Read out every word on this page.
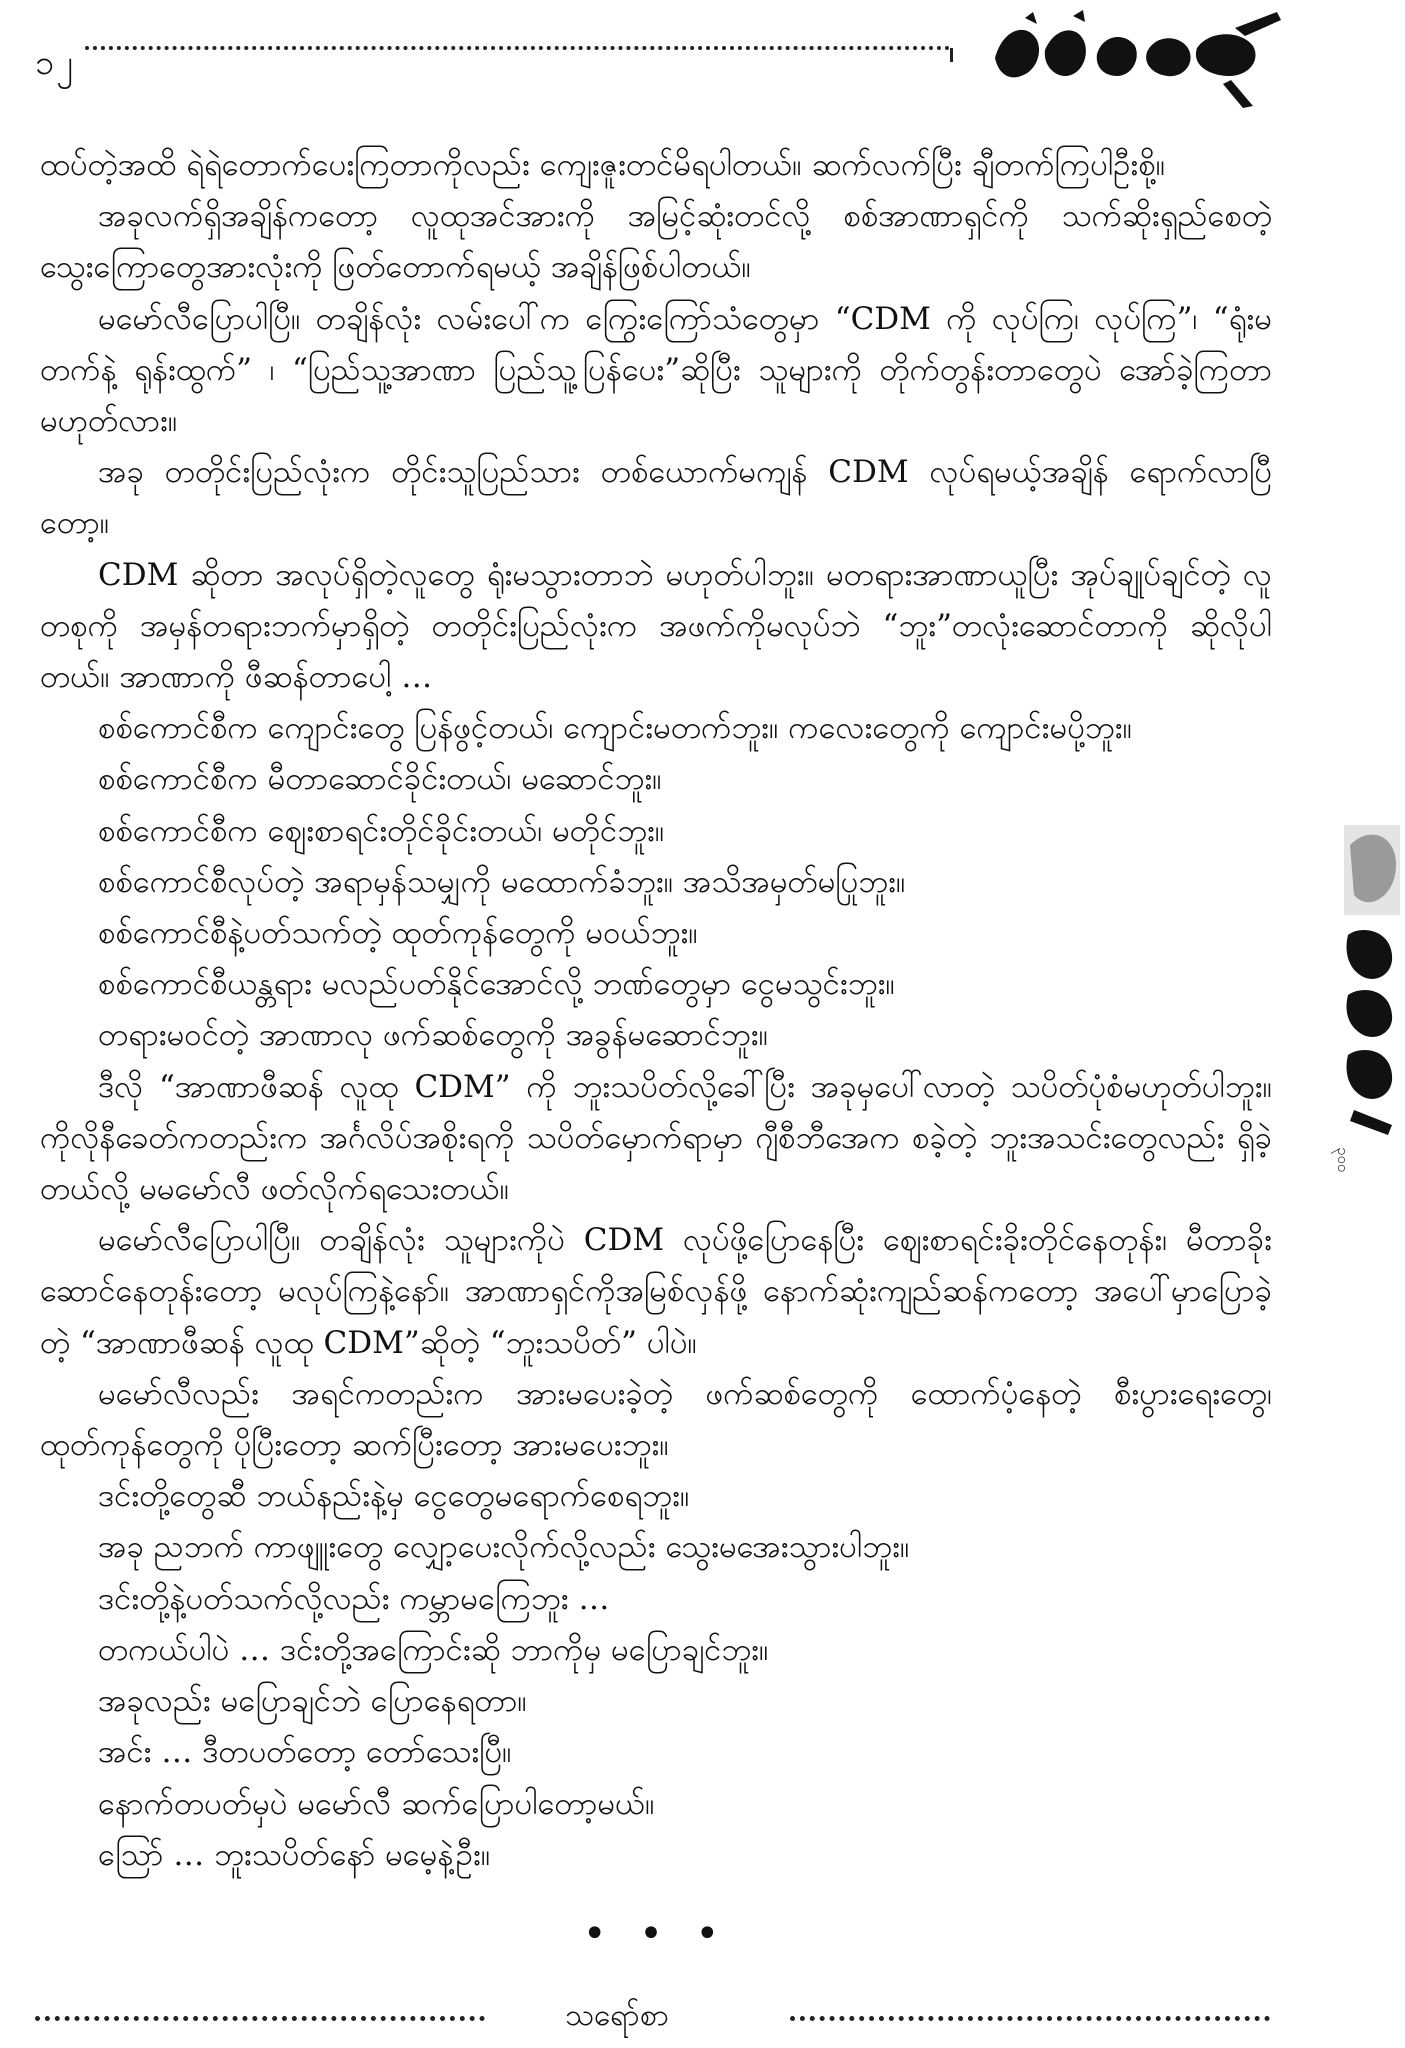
၁၂

ထပ်တဲ့အထိ ရဲရဲတောက်ပေးကြတာကိုလည်း ကျေးဇူးတင်မိရပါတယ်။ ဆက်လက်ပြီး ချီတက်ကြပါဦးစို့။

အခုလက်ရှိအချိန်ကတော့ လူထုအင်အားကို အမြင့်ဆုံးတင်လို့ စစ်အာဏာရှင်ကို သက်ဆိုးရှည်စေတဲ့ သွေးကြောတွေအားလုံးကို ဖြတ်တောက်ရမယ့် အချိန်ဖြစ်ပါတယ်။

မမော်လီပြောပါပြီ။ တချိန်လုံး လမ်းပေါ်က ကြွေးကြော်သံတွေမှာ “CDM ကို လုပ်ကြ၊ လုပ်ကြ”၊ “ရုံးမတက်နဲ့ ရုန်းထွက်” ၊ “ပြည်သူ့အာဏာ ပြည်သူ့ပြန်ပေး”ဆိုပြီး သူများကို တိုက်တွန်းတာတွေပဲ အော်ခဲ့ကြတာမဟုတ်လား။

အခု တတိုင်းပြည်လုံးက တိုင်းသူပြည်သား တစ်ယောက်မကျန် CDM လုပ်ရမယ့်အချိန် ရောက်လာပြီတော့။

CDM ဆိုတာ အလုပ်ရှိတဲ့လူတွေ ရုံးမသွားတာဘဲ မဟုတ်ပါဘူး။ မတရားအာဏာယူပြီး အုပ်ချုပ်ချင်တဲ့ လူတစုကို အမှန်တရားဘက်မှာရှိတဲ့ တတိုင်းပြည်လုံးက အဖက်ကိုမလုပ်ဘဲ “ဘူး”တလုံးဆောင်တာကို ဆိုလိုပါတယ်။ အာဏာကို ဖီဆန်တာပေါ့ …

စစ်ကောင်စီက ကျောင်းတွေ ပြန်ဖွင့်တယ်၊ ကျောင်းမတက်ဘူး။ ကလေးတွေကို ကျောင်းမပို့ဘူး။

စစ်ကောင်စီက မီတာဆောင်ခိုင်းတယ်၊ မဆောင်ဘူး။

စစ်ကောင်စီက ဈေးစာရင်းတိုင်ခိုင်းတယ်၊ မတိုင်ဘူး။

စစ်ကောင်စီလုပ်တဲ့ အရာမှန်သမျှကို မထောက်ခံဘူး။ အသိအမှတ်မပြုဘူး။

စစ်ကောင်စီနဲ့ပတ်သက်တဲ့ ထုတ်ကုန်တွေကို မဝယ်ဘူး။

စစ်ကောင်စီယန္တရား မလည်ပတ်နိုင်အောင်လို့ ဘဏ်တွေမှာ ငွေမသွင်းဘူး။

တရားမဝင်တဲ့ အာဏာလု ဖက်ဆစ်တွေကို အခွန်မဆောင်ဘူး။

ဒီလို “အာဏာဖီဆန် လူထု CDM” ကို ဘူးသပိတ်လို့ခေါ်ပြီး အခုမှပေါ်လာတဲ့ သပိတ်ပုံစံမဟုတ်ပါဘူး။ ကိုလိုနီခေတ်ကတည်းက အင်္ဂလိပ်အစိုးရကို သပိတ်မှောက်ရာမှာ ဂျီစီဘီအေက စခဲ့တဲ့ ဘူးအသင်းတွေလည်း ရှိခဲ့တယ်လို့ မမမော်လီ ဖတ်လိုက်ရသေးတယ်။

မမော်လီပြောပါပြီ။ တချိန်လုံး သူများကိုပဲ CDM လုပ်ဖို့ပြောနေပြီး ဈေးစာရင်းခိုးတိုင်နေတုန်း၊ မီတာခိုးဆောင်နေတုန်းတော့ မလုပ်ကြနဲ့နော်။ အာဏာရှင်ကိုအမြစ်လှန်ဖို့ နောက်ဆုံးကျည်ဆန်ကတော့ အပေါ်မှာပြောခဲ့တဲ့ “အာဏာဖီဆန် လူထု CDM”ဆိုတဲ့ “ဘူးသပိတ်” ပါပဲ။

မမော်လီလည်း အရင်ကတည်းက အားမပေးခဲ့တဲ့ ဖက်ဆစ်တွေကို ထောက်ပံ့နေတဲ့ စီးပွားရေးတွေ၊ ထုတ်ကုန်တွေကို ပိုပြီးတော့ ဆက်ပြီးတော့ အားမပေးဘူး။

ဒင်းတို့တွေဆီ ဘယ်နည်းနဲ့မှ ငွေတွေမရောက်စေရဘူး။

အခု ညဘက် ကာဖျူးတွေ လျှော့ပေးလိုက်လို့လည်း သွေးမအေးသွားပါဘူး။

ဒင်းတို့နဲ့ပတ်သက်လို့လည်း ကမ္ဘာမကြေဘူး …

တကယ်ပါပဲ … ဒင်းတို့အကြောင်းဆို ဘာကိုမှ မပြောချင်ဘူး။

အခုလည်း မပြောချင်ဘဲ ပြောနေရတာ။

အင်း … ဒီတပတ်တော့ တော်သေးပြီ။

နောက်တပတ်မှပဲ မမော်လီ ဆက်ပြောပါတော့မယ်။

သြော် … ဘူးသပိတ်နော် မမေ့နဲ့ဦး။

• • •

၃၀၀
သရော်စာ
